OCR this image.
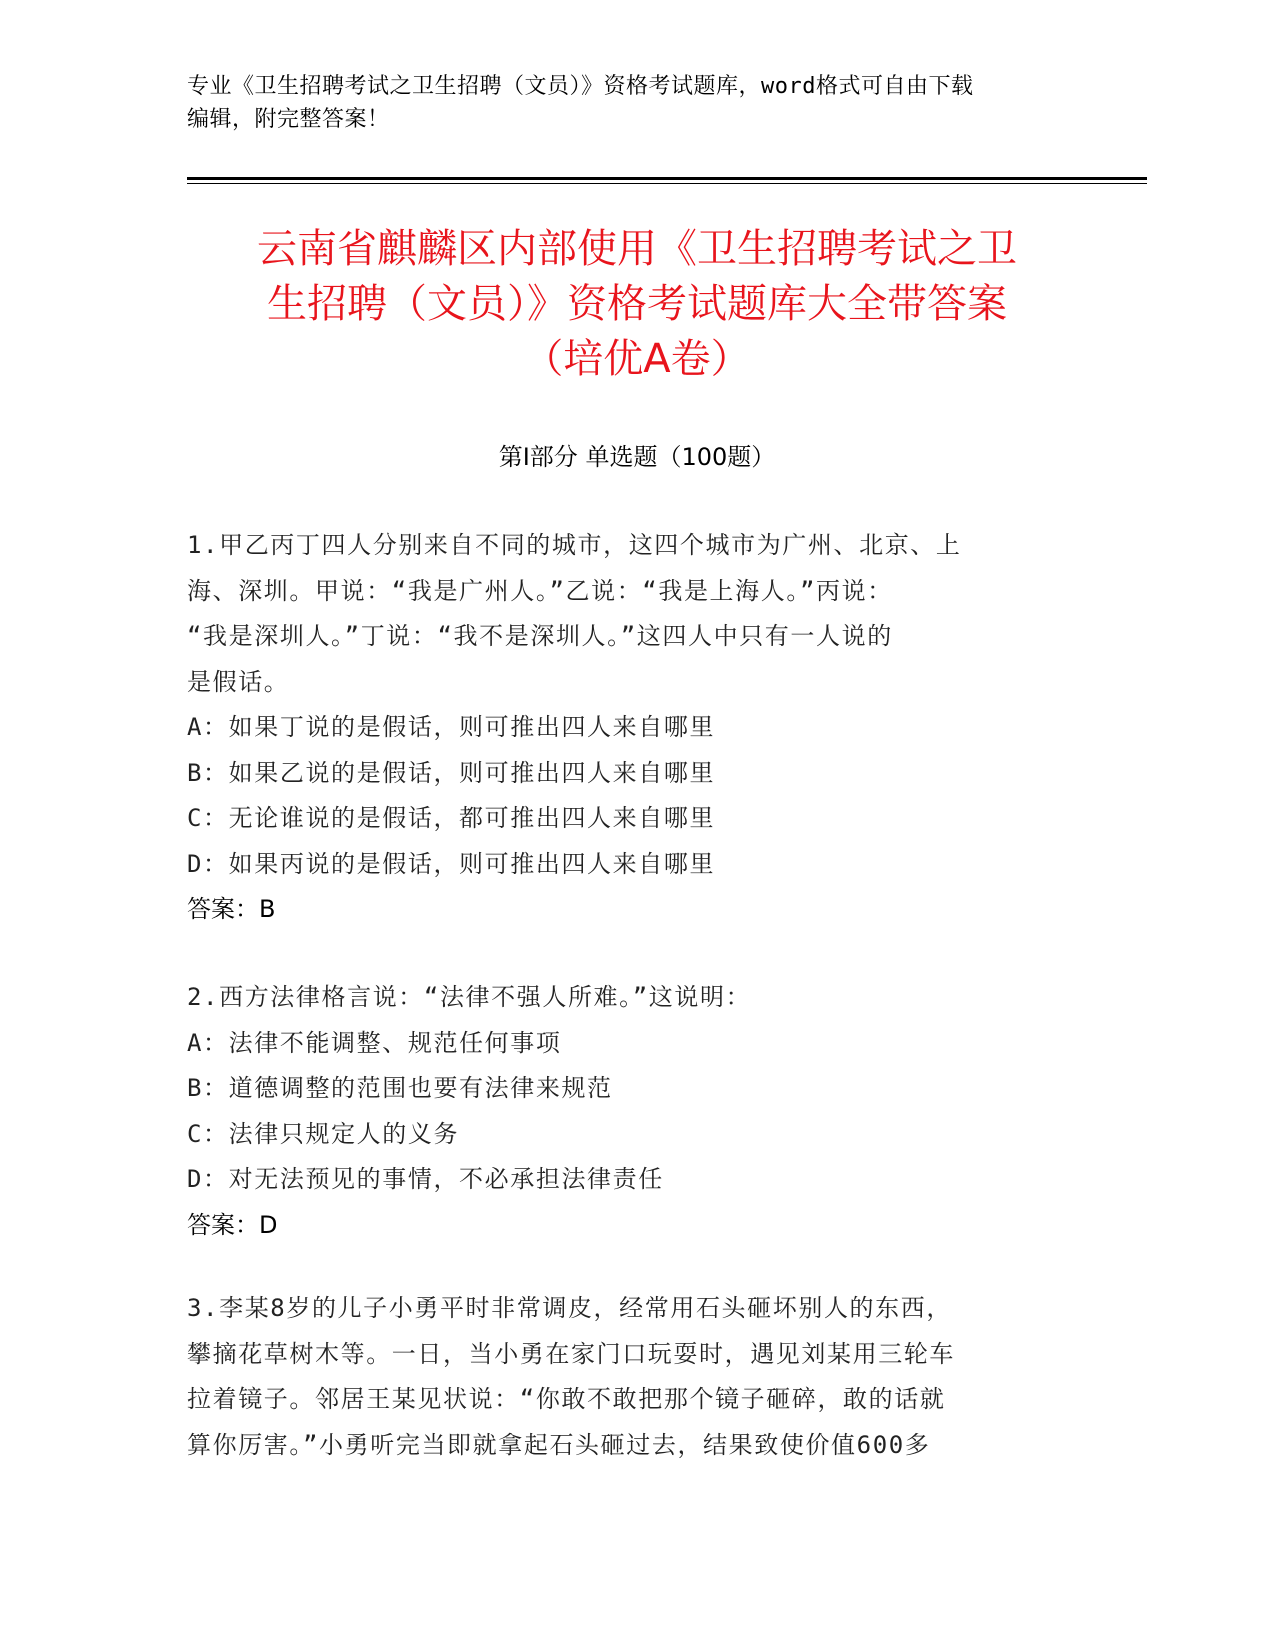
专业《卫生招聘考试之卫生招聘（文员）》资格考试题库，word格式可自由下载
编辑，附完整答案！
云南省麒麟区内部使用《卫生招聘考试之卫
生招聘（文员）》资格考试题库大全带答案
（培优A卷）
第Ⅰ部分 单选题（100题）

1.甲乙丙丁四人分别来自不同的城市，这四个城市为广州、北京、上

海、深圳。甲说：“我是广州人。”乙说：“我是上海人。”丙说：

“我是深圳人。”丁说：“我不是深圳人。”这四人中只有一人说的

是假话。

A：如果丁说的是假话，则可推出四人来自哪里

B：如果乙说的是假话，则可推出四人来自哪里

C：无论谁说的是假话，都可推出四人来自哪里

D：如果丙说的是假话，则可推出四人来自哪里

答案：B

2.西方法律格言说：“法律不强人所难。”这说明：

A：法律不能调整、规范任何事项

B：道德调整的范围也要有法律来规范

C：法律只规定人的义务

D：对无法预见的事情，不必承担法律责任

答案：D

3.李某8岁的儿子小勇平时非常调皮，经常用石头砸坏别人的东西，

攀摘花草树木等。一日，当小勇在家门口玩耍时，遇见刘某用三轮车

拉着镜子。邻居王某见状说：“你敢不敢把那个镜子砸碎，敢的话就

算你厉害。”小勇听完当即就拿起石头砸过去，结果致使价值600多
